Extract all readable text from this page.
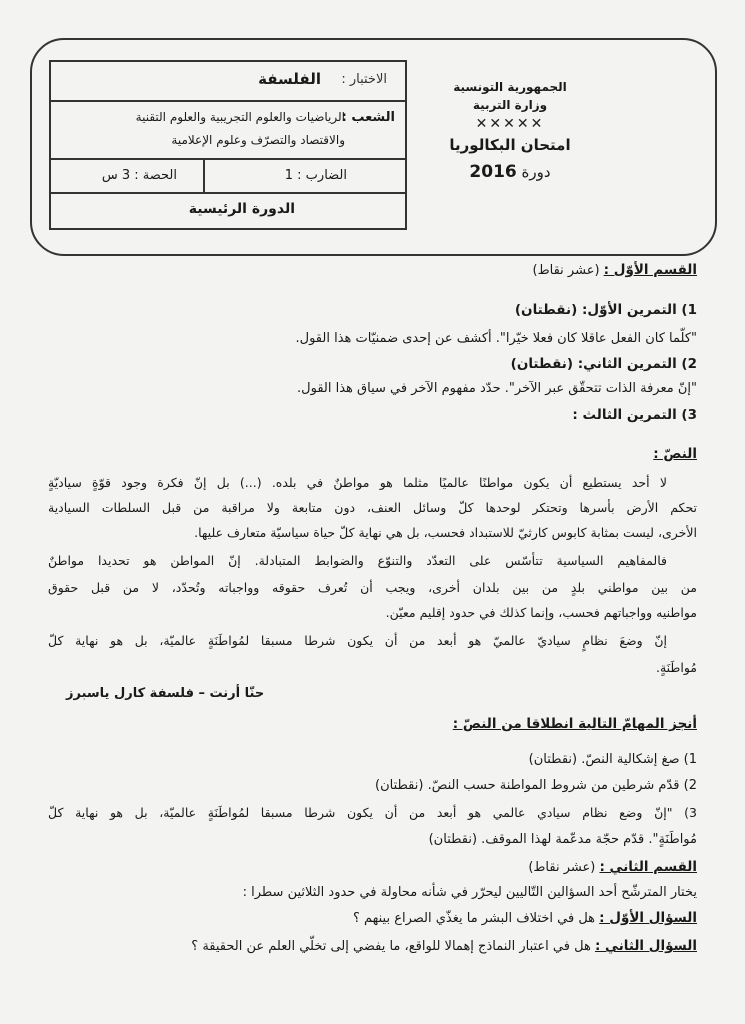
الجمهورية التونسية
وزارة التربية
✕✕✕✕✕
امتحان البكالوريا
دورة 2016
الاختبار :
الفلسفة
الشعب :
الرياضيات والعلوم التجريبية والعلوم التقنية
والاقتصاد والتصرّف وعلوم الإعلامية
الضارب : 1
الحصة : 3 س
الدورة الرئيسية
القسم الأوّل : (عشر نقاط)
1) التمرين الأوّل: (نقطتان)
"كلّما كان الفعل عاقلا كان فعلا خيّرا". أكشف عن إحدى ضمنيّات هذا القول.
2) التمرين الثاني: (نقطتان)
"إنّ معرفة الذات تتحقّق عبر الآخر". حدّد مفهوم الآخر في سياق هذا القول.
3) التمرين الثالث :
النصّ :
لا أحد يستطيع أن يكون مواطنًا عالميًا مثلما هو مواطنٌ في بلده. (...) بل إنّ فكرة وجود قوّةٍ سياديّةٍ
تحكم الأرض بأسرها وتحتكر لوحدها كلّ وسائل العنف، دون متابعة ولا مراقبة من قبل السلطات السيادية
الأخرى، ليست بمثابة كابوس كارثيّ للاستبداد فحسب، بل هي نهاية كلّ حياة سياسيّة متعارف عليها.
فالمفاهيم السياسية تتأسّس على التعدّد والتنوّع والضوابط المتبادلة. إنّ المواطن هو تحديدا مواطنٌ
من بين مواطني بلدٍ من بين بلدان أخرى، ويجب أن تُعرف حقوقه وواجباته وتُحدّد، لا من قبل حقوق
مواطنيه وواجباتهم فحسب، وإنما كذلك في حدود إقليم معيّن.
إنّ وضعَ نظامٍ سياديّ عالميّ هو أبعد من أن يكون شرطا مسبقا لمُواطَنَةٍ عالميّة، بل هو نهاية كلّ
مُواطَنَةٍ.
حنّا أرنت – فلسفة كارل ياسبرز
أنجز المهامّ التالية انطلاقا من النصّ :
1) صغ إشكالية النصّ. (نقطتان)
2) قدّم شرطين من شروط المواطنة حسب النصّ. (نقطتان)
3) "إنّ وضع نظام سيادي عالمي هو أبعد من أن يكون شرطا مسبقا لمُواطَنَةٍ عالميّة، بل هو نهاية كلّ
مُواطَنَةٍ". قدّم حجّة مدعّمة لهذا الموقف. (نقطتان)
القسم الثاني : (عشر نقاط)
يختار المترشّح أحد السؤالين التّاليين ليحرّر في شأنه محاولة في حدود الثلاثين سطرا :
السؤال الأوّل : هل في اختلاف البشر ما يغذّي الصراع بينهم ؟
السؤال الثاني : هل في اعتبار النماذج إهمالا للواقع، ما يفضي إلى تخلّي العلم عن الحقيقة ؟
